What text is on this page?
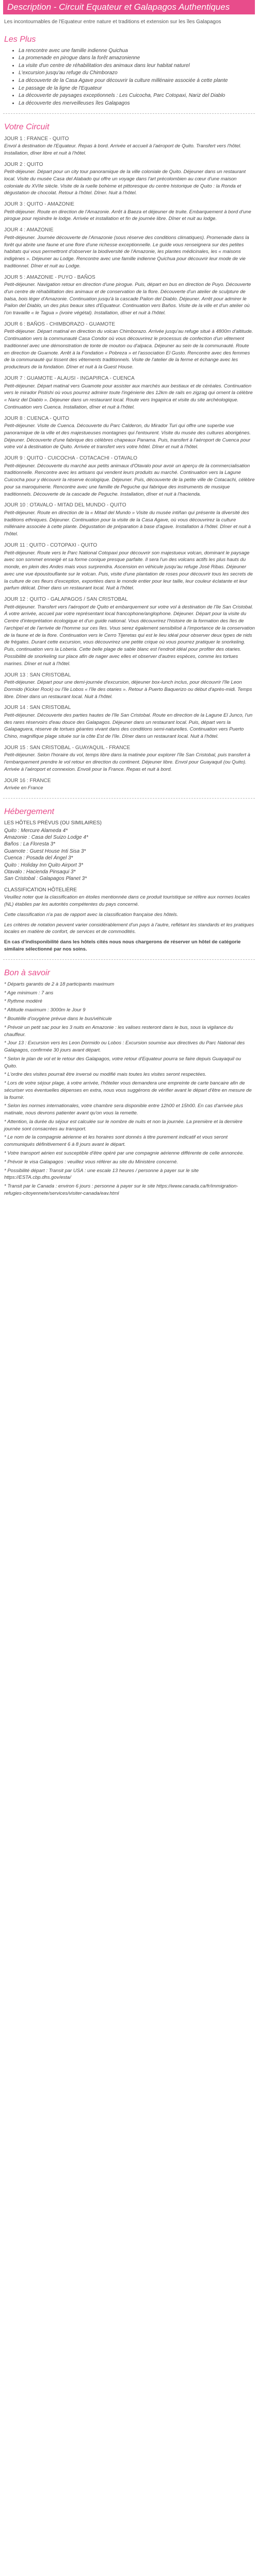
Description - Circuit Equateur et Galapagos Authentiques
Les incontournables de l'Equateur entre nature et traditions et extension sur les îles Galapagos
Les Plus
• La rencontre avec une famille indienne Quichua
• La promenade en pirogue dans la forêt amazonienne
• La visite d'un centre de réhabilitation des animaux dans leur habitat naturel
• L'excursion jusqu'au refuge du Chimborazo
• La découverte de la Casa Agave pour découvrir la culture millénaire associée à cette plante
• Le passage de la ligne de l'Equateur
• La découverte de paysages exceptionnels : Les Cuicocha, Parc Cotopaxi, Nariz del Diablo
• La découverte des merveilleuses îles Galapagos
Votre Circuit
JOUR 1 : FRANCE - QUITO
Envol à destination de l'Equateur. Repas à bord. Arrivée et accueil à l'aéroport de Quito. Transfert vers l'hôtel. Installation, dîner libre et nuit à l'hôtel.
JOUR 2 : QUITO
Petit-déjeuner. Départ pour un city tour panoramique de la ville coloniale de Quito. Déjeuner dans un restaurant local. Visite du musée Casa del Alabado qui offre un voyage dans l'art précolombien au cœur d'une maison coloniale du XVIIe siècle. Visite de la ruelle bohème et pittoresque du centre historique de Quito : la Ronda et dégustation de chocolat. Retour à l'hôtel. Dîner. Nuit à l'hôtel.
JOUR 3 : QUITO - AMAZONIE
Petit-déjeuner. Route en direction de l'Amazonie. Arrêt à Baeza et déjeuner de truite. Embarquement à bord d'une pirogue pour rejoindre le lodge. Arrivée et installation et fin de journée libre. Dîner et nuit au lodge.
JOUR 4 : AMAZONIE
Petit-déjeuner. Journée découverte de l'Amazonie (sous réserve des conditions climatiques). Promenade dans la forêt qui abrite une faune et une flore d'une richesse exceptionnelle. Le guide vous renseignera sur des petites habitats qui vous permettront d'observer la biodiversité de l'Amazonie, les plantes médicinales, les « maisons indigènes ». Déjeuner au Lodge. Rencontre avec une famille indienne Quichua pour découvrir leur mode de vie traditionnel. Dîner et nuit au Lodge.
JOUR 5 : AMAZONIE - PUYO - BAÑOS
Petit-déjeuner. Navigation retour en direction d'une pirogue. Puis, départ en bus en direction de Puyo. Découverte d'un centre de réhabilitation des animaux et de conservation de la flore. Découverte d'un atelier de sculpture de balsa, bois léger d'Amazonie. Continuation jusqu'à la cascade Pailon del Diablo. Déjeuner. Arrêt pour admirer le Pailon del Diablo, un des plus beaux sites d'Equateur. Continuation vers Baños. Visite de la ville et d'un atelier où l'on travaille « le Tagua » (ivoire végétal). Installation, dîner et nuit à l'hôtel.
JOUR 6 : BAÑOS - CHIMBORAZO - GUAMOTE
Petit-déjeuner. Départ matinal en direction du volcan Chimborazo. Arrivée jusqu'au refuge situé à 4800m d'altitude. Continuation vers la communauté Casa Condor où vous découvrirez le processus de confection d'un vêtement traditionnel avec une démonstration de tonte de mouton ou d'alpaca. Déjeuner au sein de la communauté. Route en direction de Guamote. Arrêt à la Fondation « Pobreza » et l'association El Gusto. Rencontre avec des femmes de la communauté qui tissent des vêtements traditionnels. Visite de l'atelier de la ferme et échange avec les producteurs de la fondation. Dîner et nuit à la Guest House.
JOUR 7 : GUAMOTE - ALAUSI - INGAPIRCA - CUENCA
Petit-déjeuner. Départ matinal vers Guamote pour assister aux marchés aux bestiaux et de céréales. Continuation vers le mirador Pistishi où vous pourrez admirer toute l'ingénierie des 12km de rails en zigzag qui ornent la célèbre « Nariz del Diablo ». Déjeuner dans un restaurant local. Route vers Ingapirca et visite du site archéologique. Continuation vers Cuenca. Installation, dîner et nuit à l'hôtel.
JOUR 8 : CUENCA - QUITO
Petit-déjeuner. Visite de Cuenca. Découverte du Parc Calderon, du Mirador Turi qui offre une superbe vue panoramique de la ville et des majestueuses montagnes qui l'entourent. Visite du musée des cultures aborigènes. Déjeuner. Découverte d'une fabrique des célèbres chapeaux Panama. Puis, transfert à l'aéroport de Cuenca pour votre vol à destination de Quito. Arrivée et transfert vers votre hôtel. Dîner et nuit à l'hôtel.
JOUR 9 : QUITO - CUICOCHA - COTACACHI - OTAVALO
Petit-déjeuner. Découverte du marché aux petits animaux d'Otavalo pour avoir un aperçu de la commercialisation traditionnelle. Rencontre avec les artisans qui vendent leurs produits au marché. Continuation vers la Lagune Cuicocha pour y découvrir la réserve écologique. Déjeuner. Puis, découverte de la petite ville de Cotacachi, célèbre pour sa maroquinerie. Rencontre avec une famille de Peguche qui fabrique des instruments de musique traditionnels. Découverte de la cascade de Peguche. Installation, dîner et nuit à l'hacienda.
JOUR 10 : OTAVALO - MITAD DEL MUNDO - QUITO
Petit-déjeuner. Route en direction de la « Mitad del Mundo » Visite du musée intiñan qui présente la diversité des traditions ethniques. Déjeuner. Continuation pour la visite de la Casa Agave, où vous découvrirez la culture millénaire associée à cette plante. Dégustation de préparation à base d'agave. Installation à l'hôtel. Dîner et nuit à l'hôtel.
JOUR 11 : QUITO - COTOPAXI - QUITO
Petit-déjeuner. Route vers le Parc National Cotopaxi pour découvrir son majestueux volcan, dominant le paysage avec son sommet enneigé et sa forme conique presque parfaite. Il sera l'un des volcans actifs les plus hauts du monde, en plein des Andes mais vous surprendra. Ascension en véhicule jusqu'au refuge José Ribas. Déjeuner avec une vue époustouflante sur le volcan. Puis, visite d'une plantation de roses pour découvrir tous les secrets de la culture de ces fleurs d'exception, exportées dans le monde entier pour leur taille, leur couleur éclatante et leur parfum délicat. Dîner dans un restaurant local. Nuit à l'hôtel.
JOUR 12 : QUITO - GALAPAGOS / SAN CRISTOBAL
Petit-déjeuner. Transfert vers l'aéroport de Quito et embarquement sur votre vol à destination de l'île San Cristobal. À votre arrivée, accueil par votre représentant local francophone/anglophone. Déjeuner. Départ pour la visite du Centre d'interprétation écologique et d'un guide national. Vous découvrirez l'histoire de la formation des îles de l'archipel et de l'arrivée de l'homme sur ces îles. Vous serez également sensibilisé à l'importance de la conservation de la faune et de la flore. Continuation vers le Cerro Tijeretas qui est le lieu idéal pour observer deux types de nids de frégates. Durant cette excursion, vous découvrirez une petite crique où vous pourrez pratiquer le snorkeling. Puis, continuation vers la Loberia. Cette belle plage de sable blanc est l'endroit idéal pour profiter des otaries. Possibilité de snorkeling sur place afin de nager avec elles et observer d'autres espèces, comme les tortues marines. Dîner et nuit à l'hôtel.
JOUR 13 : SAN CRISTOBAL
Petit-déjeuner. Départ pour une demi-journée d'excursion, déjeuner box-lunch inclus, pour découvrir l'île Leon Dormido (Kicker Rock) ou l'île Lobos « l'île des otaries ». Retour à Puerto Baquerizo ou début d'après-midi. Temps libre. Dîner dans un restaurant local. Nuit à l'hôtel.
JOUR 14 : SAN CRISTOBAL
Petit-déjeuner. Découverte des parties hautes de l'île San Cristobal. Route en direction de la Lagune El Junco, l'un des rares réservoirs d'eau douce des Galapagos. Déjeuner dans un restaurant local. Puis, départ vers la Galapaguera, réserve de tortues géantes vivant dans des conditions semi-naturelles. Continuation vers Puerto Chino, magnifique plage située sur la côte Est de l'île. Dîner dans un restaurant local. Nuit à l'hôtel.
JOUR 15 : SAN CRISTOBAL - GUAYAQUIL - FRANCE
Petit-déjeuner. Selon l'horaire du vol, temps libre dans la matinée pour explorer l'île San Cristobal, puis transfert à l'embarquement prendre le vol retour en direction du continent. Déjeuner libre. Envol pour Guayaquil (ou Quito). Arrivée à l'aéroport et connexion. Envoli pour la France. Repas et nuit à bord.
JOUR 16 : FRANCE
Arrivée en France
Hébergement
LES HÔTELS PRÉVUS (OU SIMILAIRES)
Quito : Mercure Alameda 4*
Amazonie : Casa del Suizo Lodge 4*
Baños : La Floresta 3*
Guamote : Guest House Inti Sisa 3*
Cuenca : Posada del Ángel 3*
Quito : Holiday Inn Quito Airport 3*
Otavalo : Hacienda Pinsaqui 3*
San Cristobal : Galapagos Planet 3*
CLASSIFICATION HÔTELIÈRE

Veuillez noter que la classification en étoiles mentionnée dans ce produit touristique se réfère aux normes locales (NL) établies par les autorités compétentes du pays concerné.

Cette classification n'a pas de rapport avec la classification française des hôtels.

Les critères de notation peuvent varier considérablement d'un pays à l'autre, reflétant les standards et les pratiques locales en matière de confort, de services et de commodités.

En cas d'indisponibilité dans les hôtels cités nous nous chargerons de réserver un hôtel de catégorie similaire sélectionné par nos soins.

Bon à savoir

* Départs garantis de 2 à 18 participants maximum

* Age minimum : 7 ans

* Rythme modéré

* Altitude maximum : 3000m le Jour 9

* Boutéille d'oxygène prévue dans le bus/véhicule

* Prévoir un petit sac pour les 3 nuits en Amazonie : les valises resteront dans le bus, sous la vigilance du chauffeur.

* Jour 13 : Excursion vers les Leon Dormido ou Lobos : Excursion soumise aux directives du Parc National des Galapagos, confirmée 30 jours avant départ.

* Selon le plan de vol et le retour des Galapagos, votre retour d'Equateur pourra se faire depuis Guayaquil ou Quito.

* L'ordre des visites pourrait être inversé ou modifié mais toutes les visites seront respectées.

* Lors de votre séjour plage, à votre arrivée, l'hôtelier vous demandera une empreinte de carte bancaire afin de sécuriser vos éventuelles dépenses en extra, nous vous suggérons de vérifier avant le départ d'être en mesure de la fournir.

* Selon les normes internationales, votre chambre sera disponible entre 12h00 et 15h00. En cas d'arrivée plus matinale, nous devrons patienter avant qu'on vous la remette.

* Attention, la durée du séjour est calculée sur le nombre de nuits et non la journée. La première et la dernière journée sont consacrées au transport.

* Le nom de la compagnie aérienne et les horaires sont donnés à titre purement indicatif et vous seront communiqués définitivement 6 à 8 jours avant le départ.

* Votre transport aérien est susceptible d'être opéré par une compagnie aérienne différente de celle annoncée.

* Prévoir le visa Galapagos : veuillez vous référer au site du Ministère concerné.

* Possibilité départ : Transit par USA : une escale 13 heures / personne à payer sur le site https://ESTA.cbp.dhs.gov/esta/

* Transit par le Canada : environ 6 jours : personne à payer sur le site https://www.canada.ca/fr/immigration-refugies-citoyennete/services/visiter-canada/eav.html
